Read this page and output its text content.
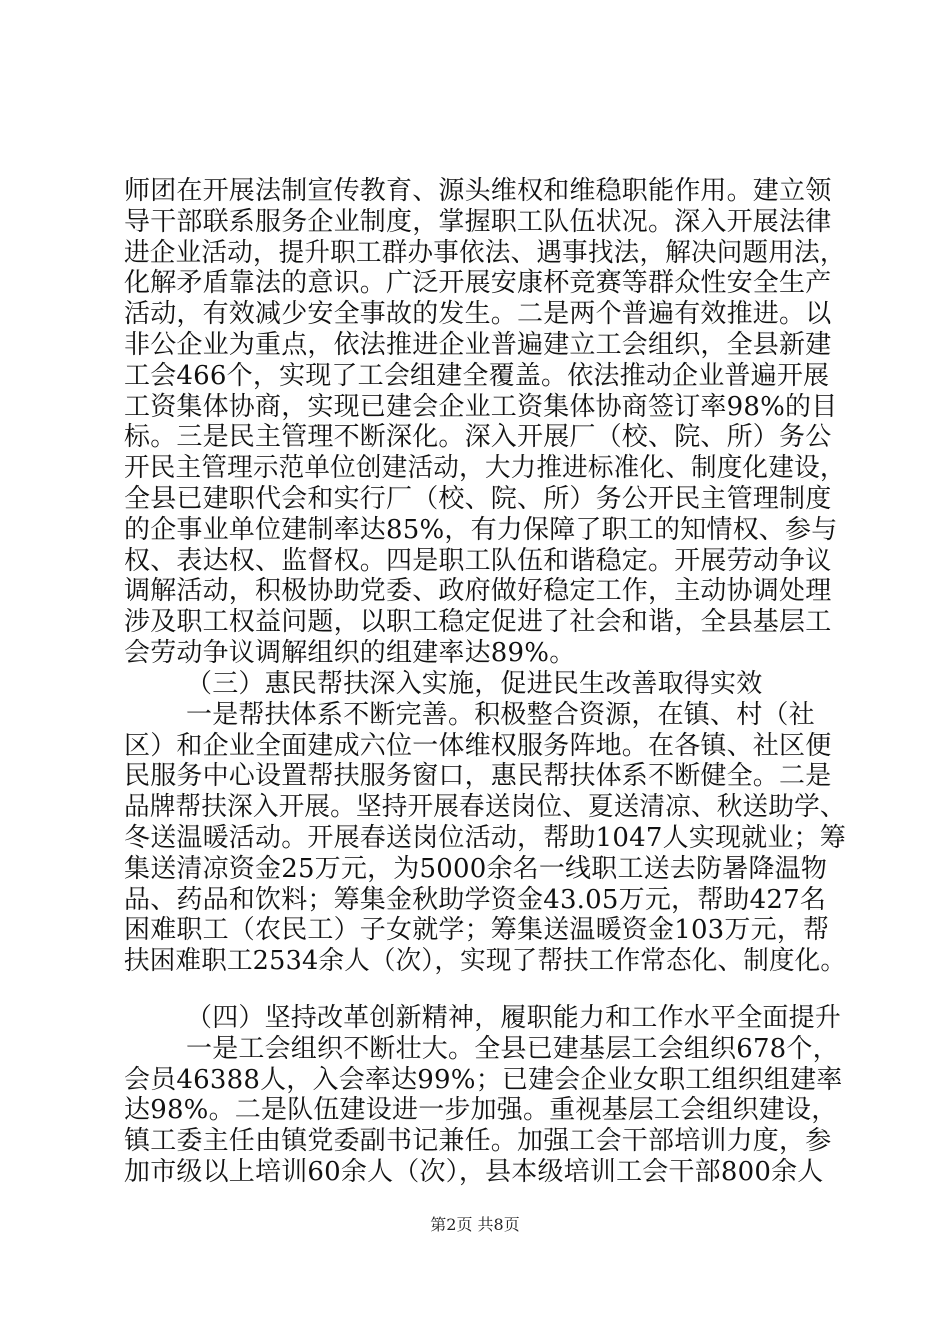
师团在开展法制宣传教育、源头维权和维稳职能作用。建立领
导干部联系服务企业制度，掌握职工队伍状况。深入开展法律
进企业活动，提升职工群办事依法、遇事找法，解决问题用法，
化解矛盾靠法的意识。广泛开展安康杯竞赛等群众性安全生产
活动，有效减少安全事故的发生。二是两个普遍有效推进。以
非公企业为重点，依法推进企业普遍建立工会组织，全县新建
工会466个，实现了工会组建全覆盖。依法推动企业普遍开展
工资集体协商，实现已建会企业工资集体协商签订率98%的目
标。三是民主管理不断深化。深入开展厂（校、院、所）务公
开民主管理示范单位创建活动，大力推进标准化、制度化建设，
全县已建职代会和实行厂（校、院、所）务公开民主管理制度
的企事业单位建制率达85%，有力保障了职工的知情权、参与
权、表达权、监督权。四是职工队伍和谐稳定。开展劳动争议
调解活动，积极协助党委、政府做好稳定工作，主动协调处理
涉及职工权益问题，以职工稳定促进了社会和谐，全县基层工
会劳动争议调解组织的组建率达89%。
（三）惠民帮扶深入实施，促进民生改善取得实效
一是帮扶体系不断完善。积极整合资源，在镇、村（社
区）和企业全面建成六位一体维权服务阵地。在各镇、社区便
民服务中心设置帮扶服务窗口，惠民帮扶体系不断健全。二是
品牌帮扶深入开展。坚持开展春送岗位、夏送清凉、秋送助学、
冬送温暖活动。开展春送岗位活动，帮助1047人实现就业；筹
集送清凉资金25万元，为5000余名一线职工送去防暑降温物
品、药品和饮料；筹集金秋助学资金43.05万元，帮助427名
困难职工（农民工）子女就学；筹集送温暖资金103万元，帮
扶困难职工2534余人（次），实现了帮扶工作常态化、制度化。
（四）坚持改革创新精神，履职能力和工作水平全面提升
一是工会组织不断壮大。全县已建基层工会组织678个，
会员46388人，入会率达99%；已建会企业女职工组织组建率
达98%。二是队伍建设进一步加强。重视基层工会组织建设，
镇工委主任由镇党委副书记兼任。加强工会干部培训力度，参
加市级以上培训60余人（次），县本级培训工会干部800余人
第2页 共8页
